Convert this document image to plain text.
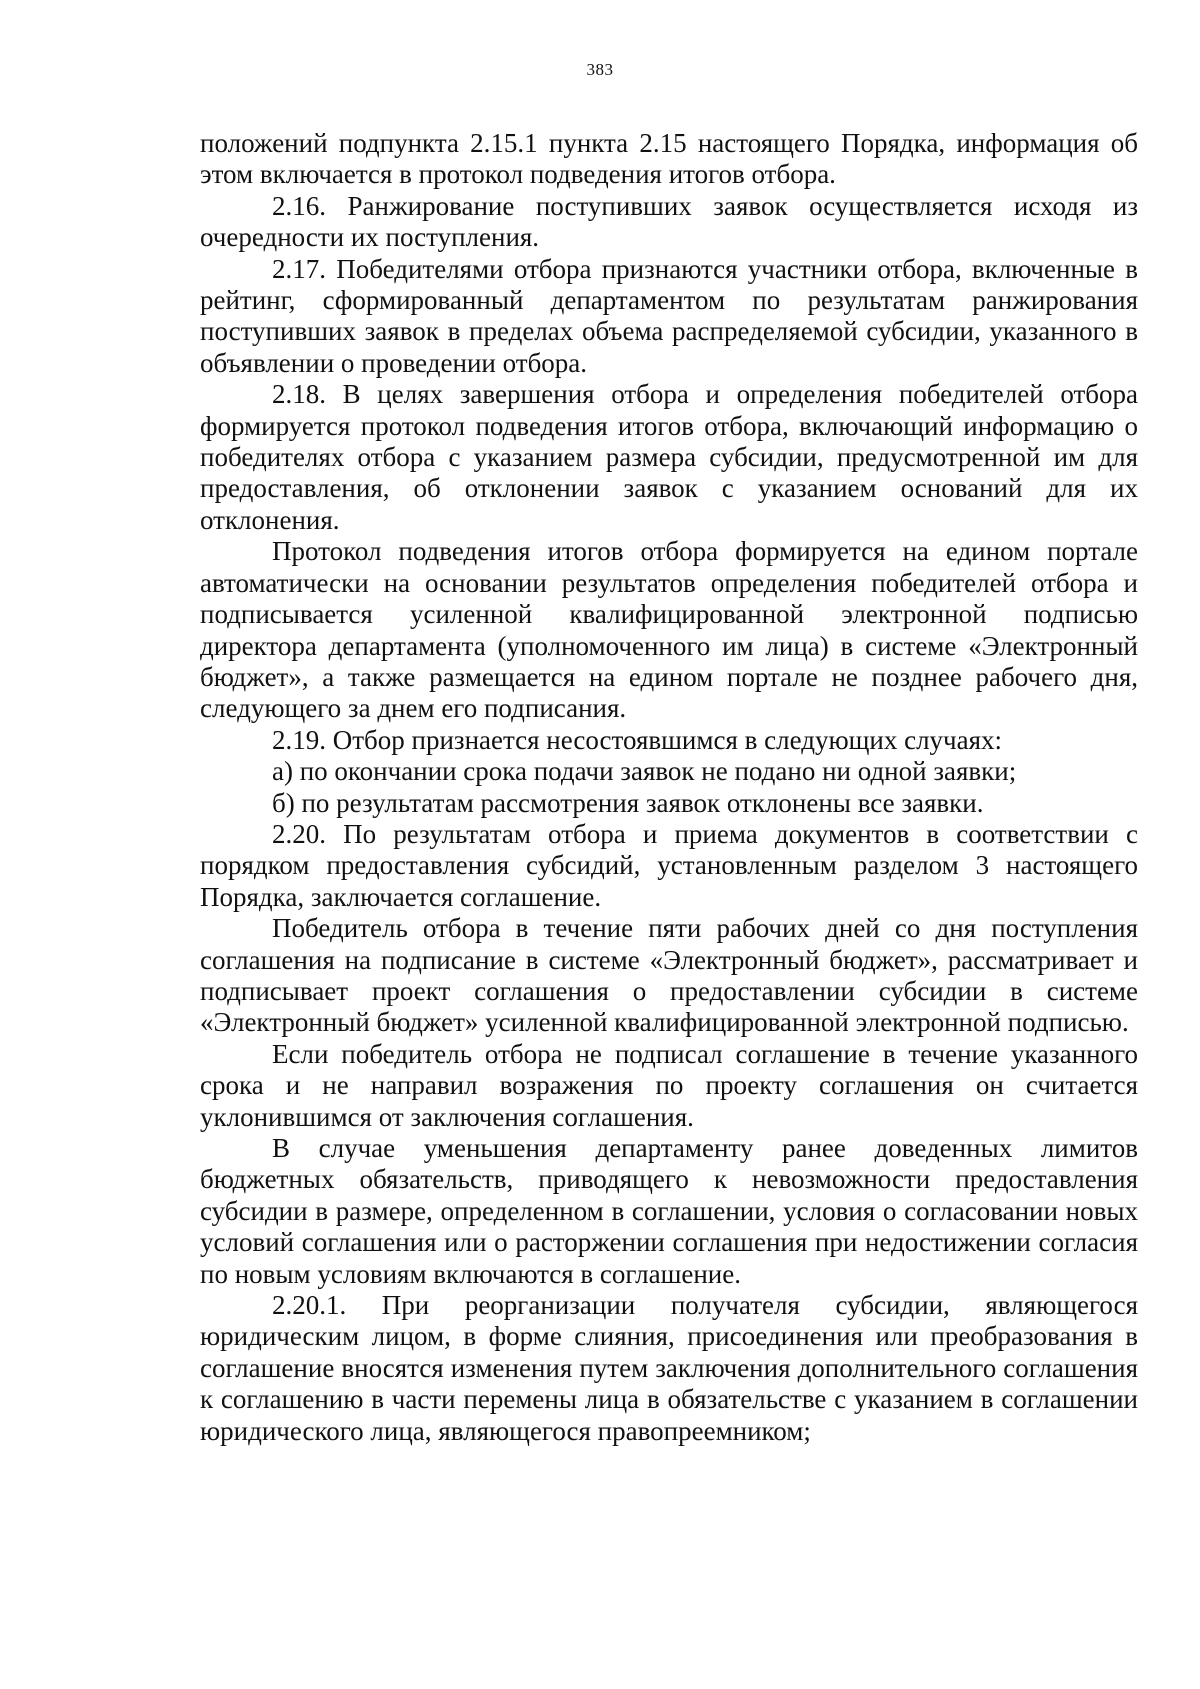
383

положений подпункта 2.15.1 пункта 2.15 настоящего Порядка, информация об этом включается в протокол подведения итогов отбора.

2.16. Ранжирование поступивших заявок осуществляется исходя из очередности их поступления.

2.17. Победителями отбора признаются участники отбора, включенные в рейтинг, сформированный департаментом по результатам ранжирования поступивших заявок в пределах объема распределяемой субсидии, указанного в объявлении о проведении отбора.

2.18. В целях завершения отбора и определения победителей отбора формируется протокол подведения итогов отбора, включающий информацию о победителях отбора с указанием размера субсидии, предусмотренной им для предоставления, об отклонении заявок с указанием оснований для их отклонения.

Протокол подведения итогов отбора формируется на едином портале автоматически на основании результатов определения победителей отбора и подписывается усиленной квалифицированной электронной подписью директора департамента (уполномоченного им лица) в системе «Электронный бюджет», а также размещается на едином портале не позднее рабочего дня, следующего за днем его подписания.

2.19. Отбор признается несостоявшимся в следующих случаях:

а) по окончании срока подачи заявок не подано ни одной заявки;

б) по результатам рассмотрения заявок отклонены все заявки.

2.20. По результатам отбора и приема документов в соответствии с порядком предоставления субсидий, установленным разделом 3 настоящего Порядка, заключается соглашение.

Победитель отбора в течение пяти рабочих дней со дня поступления соглашения на подписание в системе «Электронный бюджет», рассматривает и подписывает проект соглашения о предоставлении субсидии в системе «Электронный бюджет» усиленной квалифицированной электронной подписью.

Если победитель отбора не подписал соглашение в течение указанного срока и не направил возражения по проекту соглашения он считается уклонившимся от заключения соглашения.

В случае уменьшения департаменту ранее доведенных лимитов бюджетных обязательств, приводящего к невозможности предоставления субсидии в размере, определенном в соглашении, условия о согласовании новых условий соглашения или о расторжении соглашения при недостижении согласия по новым условиям включаются в соглашение.

2.20.1. При реорганизации получателя субсидии, являющегося юридическим лицом, в форме слияния, присоединения или преобразования в соглашение вносятся изменения путем заключения дополнительного соглашения к соглашению в части перемены лица в обязательстве с указанием в соглашении юридического лица, являющегося правопреемником;
